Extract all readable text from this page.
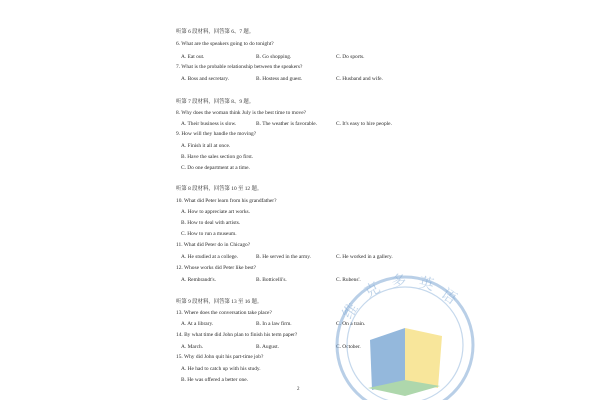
听第 6 段材料，回答第 6、7 题。
6. What are the speakers going to do tonight?
A. Eat out.	B. Go shopping.	C. Do sports.
7. What is the probable relationship between the speakers?
A. Boss and secretary.	B. Hostess and guest.	C. Husband and wife.
听第 7 段材料，回答第 8、9 题。
8. Why does the woman think July is the best time to move?
A. Their business is slow.	B. The weather is favorable.	C. It's easy to hire people.
9. How will they handle the moving?
A. Finish it all at once.
B. Have the sales section go first.
C. Do one department at a time.
听第 8 段材料，回答第 10 至 12 题。
10. What did Peter learn from his grandfather?
A. How to appreciate art works.
B. How to deal with artists.
C. How to run a museum.
11. What did Peter do in Chicago?
A. He studied at a college.	B. He served in the army.	C. He worked in a gallery.
12. Whose works did Peter like best?
A. Rembrandt's.	B. Botticelli's.	C. Rubens'.
听第 9 段材料，回答第 13 至 16 题。
13. Where does the conversation take place?
A. At a library.	B. In a law firm.	C. On a train.
14. By what time did John plan to finish his term paper?
A. March.	B. August.	C. October.
15. Why did John quit his part-time job?
A. He had to catch up with his study.
B. He was offered a better one.
2
维
克 多 英
语
